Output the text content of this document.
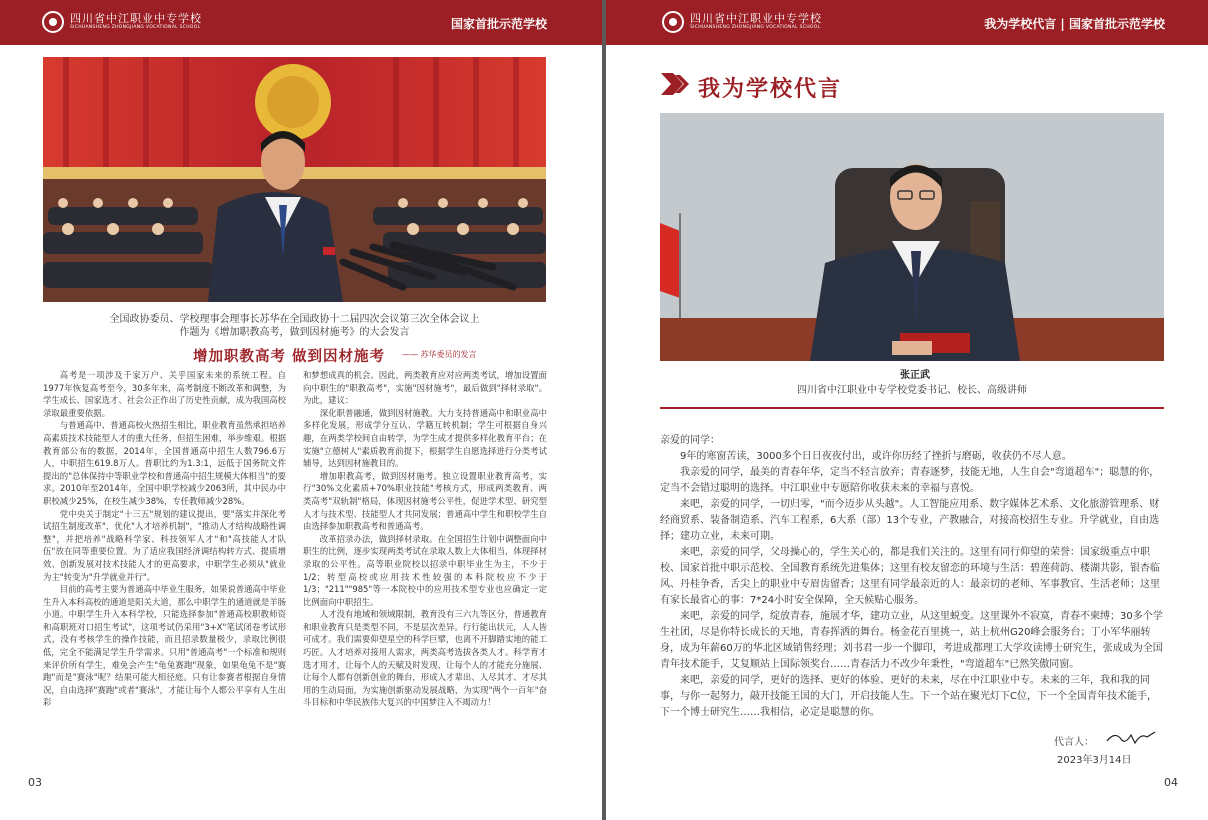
四川省中江职业中专学校
SICHUANSHENG ZHONGJIANG VOCATIONAL SCHOOL	国家首批示范学校
全国政协委员、学校理事会理事长苏华在全国政协十二届四次会议第三次全体会议上
作题为《增加职教高考，做到因材施考》的大会发言
增加职教高考 做到因材施考 —— 苏华委员的发言

高考是一项涉及千家万户、关乎国家未来的系统工程。自1977年恢复高考至今，30多年来，高考制度不断改革和调整，为学生成长、国家选才、社会公正作出了历史性贡献，成为我国高校录取最重要依据。

与普通高中、普通高校火热招生相比，职业教育虽然承担培养高素质技术技能型人才的重大任务，但招生困难，举步维艰。根据教育部公布的数据，2014年，全国普通高中招生人数796.6万人，中职招生619.8万人。普职比约为1.3:1，远低于国务院文件提出的"总体保持中等职业学校和普通高中招生规模大体相当"的要求。2010年至2014年，全国中职学校减少2063所，其中民办中职校减少25%，在校生减少38%，专任教师减少28%。

党中央关于制定"十三五"规划的建议提出，要"落实并深化考试招生制度改革"，优化"人才培养机制"，"推动人才结构战略性调整"，并把培养"战略科学家、科技领军人才"和"高技能人才队伍"放在同等重要位置。为了适应我国经济调结构转方式、提质增效、创新发展对技术技能人才的更高要求，中职学生必须从"就业为主"转变为"升学就业并行"。

目前的高考主要为普通高中毕业生服务，如果说普通高中毕业生升入本科高校的通道是阳关大道，那么中职学生的通道就是羊肠小道。中职学生升入本科学校，只能选择参加"普通高校职教师资和高职班对口招生考试"，这项考试仍采用"3+X"笔试闭卷考试形式，没有考核学生的操作技能，而且招录数量极少，录取比例很低，完全不能满足学生升学需求。只用"普通高考"一个标准和规则来评价所有学生，难免会产生"龟兔赛跑"现象，如果龟兔不是"赛跑"而是"赛泳"呢？结果可能大相径庭。只有让参赛者根据自身情况，自由选择"赛跑"或者"赛泳"，才能让每个人都公平享有人生出彩

和梦想成真的机会。因此，两类教育应对应两类考试，增加设置面向中职生的"职教高考"，实施"因材施考"，最后做到"择材录取"。为此，建议：

深化职普融通，做到因材施教。大力支持普通高中和职业高中多样化发展，形成学分互认、学籍互转机制；学生可根据自身兴趣，在两类学校间自由转学，为学生成才提供多样化教育平台；在实施"立德树人"素质教育前提下，根据学生自愿选择进行分类考试辅导，达到因材施教目的。

增加职教高考，做到因材施考。独立设置职业教育高考，实行"30%文化素质+70%职业技能"考核方式，形成两类教育、两类高考"双轨制"格局，体现因材施考公平性，促进学术型、研究型人才与技术型、技能型人才共同发展；普通高中学生和职校学生自由选择参加职教高考和普通高考。

改革招录办法，做到择材录取。在全国招生计划中调整面向中职生的比例，逐步实现两类考试在录取人数上大体相当，体现择材录取的公平性。高等职业院校以招录中职毕业生为主，不少于1/2；转型高校或应用技术性较强的本科院校应不少于1/3；"211""985"等一本院校中的应用技术型专业也应确定一定比例面向中职招生。

人才没有地域和领域限制，教育没有三六九等区分，普通教育和职业教育只是类型不同，不是层次差异。行行能出状元，人人皆可成才。我们需要仰望星空的科学巨擘，也离不开脚踏实地的能工巧匠。人才培养对接用人需求，两类高考选拔各类人才。科学育才选才用才，让每个人的天赋及时发现、让每个人的才能充分施展、让每个人都有创新创业的舞台，形成人才辈出、人尽其才、才尽其用的生动局面，为实施创新驱动发展战略，为实现"两个一百年"奋斗目标和中华民族伟大复兴的中国梦注入不竭动力！

03
四川省中江职业中专学校
SICHUANSHENG ZHONGJIANG VOCATIONAL SCHOOL	我为学校代言 | 国家首批示范学校
我为学校代言
张正武
四川省中江职业中专学校党委书记、校长、高级讲师

亲爱的同学：

9年的寒窗苦读，3000多个日日夜夜付出，或许你历经了挫折与磨砺，收获仍不尽人意。

我亲爱的同学，最美的青春年华，定当不轻言放弃；青春逐梦，技能无地，人生自会"弯道超车"；聪慧的你，定当不会错过聪明的选择。中江职业中专愿陪你收获未来的幸福与喜悦。

来吧，亲爱的同学，一切归零，"而今迈步从头越"。人工智能应用系、数字媒体艺术系、文化旅游管理系、财经商贸系、装备制造系、汽车工程系，6大系（部）13个专业，产教融合，对接高校招生专业。升学就业，自由选择；建功立业，未来可期。

来吧，亲爱的同学，父母操心的，学生关心的，都是我们关注的。这里有同行仰望的荣誉：国家级重点中职校、国家首批中职示范校、全国教育系统先进集体；这里有校友留恋的环境与生活：碧莲荷韵、楼湖共影，银杏临风、丹桂争香，舌尖上的职业中专眉齿留香；这里有同学最亲近的人：最亲切的老师、军事教官、生活老师；这里有家长最省心的事：7*24小时安全保障，全天候贴心服务。

来吧，亲爱的同学，绽放青春，施展才华，建功立业，从这里蜕变。这里课外不寂寞，青春不柬缚；30多个学生社团，尽是你特长成长的天地，青春挥洒的舞台。杨金花百里挑一，站上杭州G20峰会服务台；丁小军华丽转身，成为年薪60万的华北区域销售经理；刘书君一步一个脚印，考进成都理工大学攻读博士研究生，张成成为全国青年技术能手，艾复顺站上国际领奖台……青春活力不改少年秉性，"弯道超车"已然笑傲同窗。

来吧，亲爱的同学，更好的选择、更好的体验、更好的未来，尽在中江职业中专。未来的三年，我和我的同事，与你一起努力，敲开技能王国的大门，开启技能人生。下一个站在聚光灯下C位，下一个全国青年技术能手，下一个博士研究生……我相信，必定是聪慧的你。

代言人：
2023年3月14日
04
